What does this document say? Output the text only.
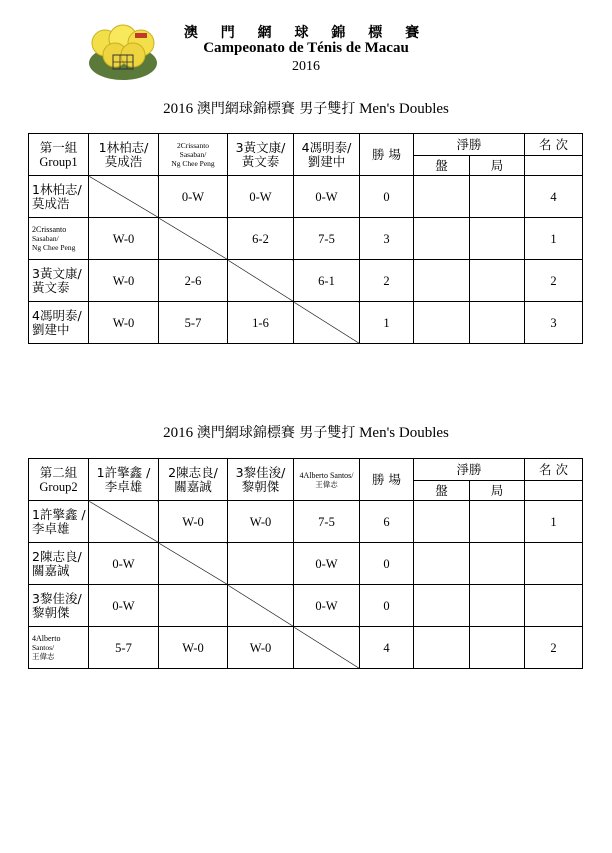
澳 門 網 球 錦 標 賽
Campeonato de Ténis de Macau
2016
2016 澳門網球錦標賽 男子雙打 Men's Doubles
第一組
Group1	1林柏志/
莫成浩	2Crissanto
Sasaban/
Ng Chee Peng	3黃文康/
黃文泰	4馮明泰/
劉建中	勝 場	淨勝		名 次
						盤	局	

1林柏志/
莫成浩		0-W	0-W	0-W	0			4

2Crissanto
Sasaban/
Ng Chee Peng	W-0		6-2	7-5	3			1

3黃文康/
黃文泰	W-0	2-6		6-1	2			2

4馮明泰/
劉建中	W-0	5-7	1-6		1			3
2016 澳門網球錦標賽 男子雙打 Men's Doubles
第二組
Group2	1許擎鑫 /
李卓雄	2陳志良/
關嘉誠	3黎佳浚/
黎朝傑	4Alberto Santos/
王偉志	勝 場	淨勝		名 次
						盤	局	

1許擎鑫 /
李卓雄		W-0	W-0	7-5	6			1

2陳志良/
關嘉誠	0-W			0-W	0			

3黎佳浚/
黎朝傑	0-W			0-W	0			

4Alberto
Santos/
王偉志	5-7	W-0	W-0		4			2
